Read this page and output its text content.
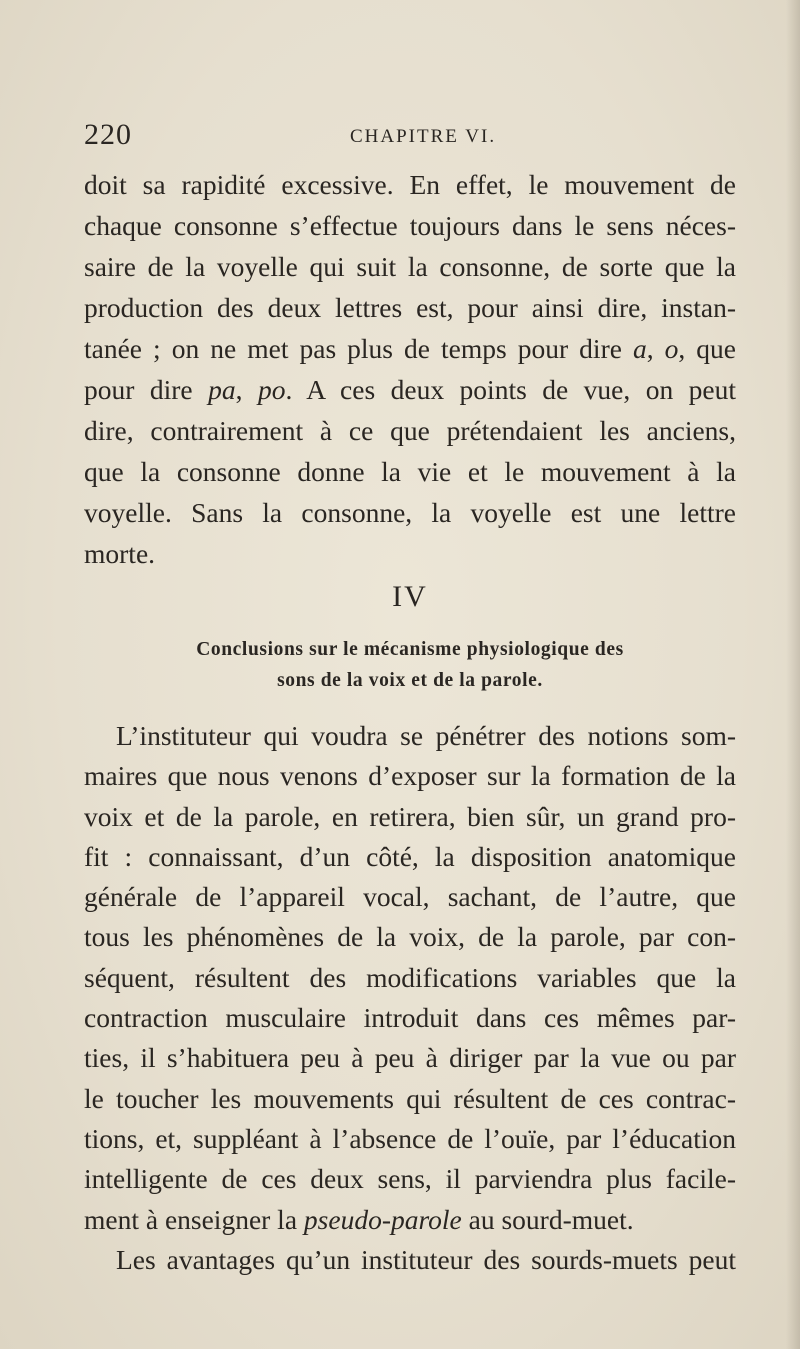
220	CHAPITRE VI.
doit sa rapidité excessive. En effet, le mouvement de
chaque consonne s’effectue toujours dans le sens néces-
saire de la voyelle qui suit la consonne, de sorte que la
production des deux lettres est, pour ainsi dire, instan-
tanée ; on ne met pas plus de temps pour dire a, o, que
pour dire pa, po. A ces deux points de vue, on peut
dire, contrairement à ce que prétendaient les anciens,
que la consonne donne la vie et le mouvement à la
voyelle. Sans la consonne, la voyelle est une lettre
morte.
IV
Conclusions sur le mécanisme physiologique des
sons de la voix et de la parole.
L’instituteur qui voudra se pénétrer des notions som-
maires que nous venons d’exposer sur la formation de la
voix et de la parole, en retirera, bien sûr, un grand pro-
fit : connaissant, d’un côté, la disposition anatomique
générale de l’appareil vocal, sachant, de l’autre, que
tous les phénomènes de la voix, de la parole, par con-
séquent, résultent des modifications variables que la
contraction musculaire introduit dans ces mêmes par-
ties, il s’habituera peu à peu à diriger par la vue ou par
le toucher les mouvements qui résultent de ces contrac-
tions, et, suppléant à l’absence de l’ouïe, par l’éducation
intelligente de ces deux sens, il parviendra plus facile-
ment à enseigner la pseudo-parole au sourd-muet.
Les avantages qu’un instituteur des sourds-muets peut
